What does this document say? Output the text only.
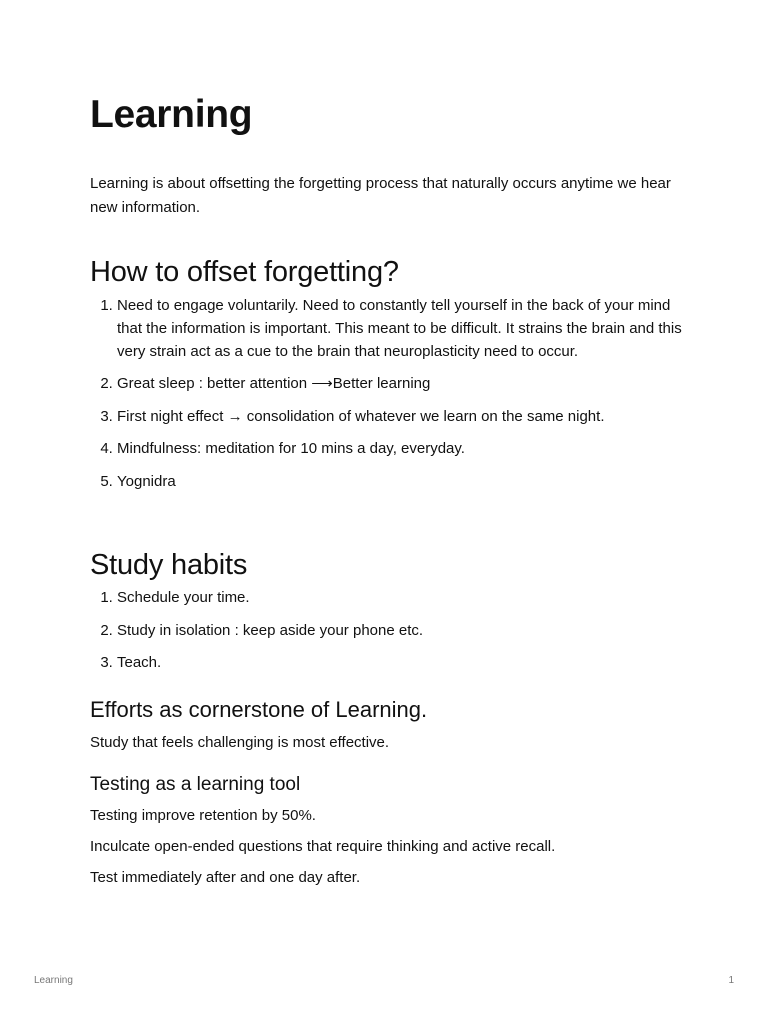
Learning

Learning is about offsetting the forgetting process that naturally occurs anytime we hear new information.

How to offset forgetting?
1. Need to engage voluntarily. Need to constantly tell yourself in the back of your mind that the information is important. This meant to be difficult. It strains the brain and this very strain act as a cue to the brain that neuroplasticity need to occur.
2. Great sleep : better attention ⟶Better learning
3. First night effect → consolidation of whatever we learn on the same night.
4. Mindfulness: meditation for 10 mins a day, everyday.
5. Yognidra
Study habits
1. Schedule your time.
2. Study in isolation : keep aside your phone etc.
3. Teach.
Efforts as cornerstone of Learning.

Study that feels challenging is most effective.

Testing as a learning tool

Testing improve retention by 50%.

Inculcate open-ended questions that require thinking and active recall.

Test immediately after and one day after.

Learning	1
